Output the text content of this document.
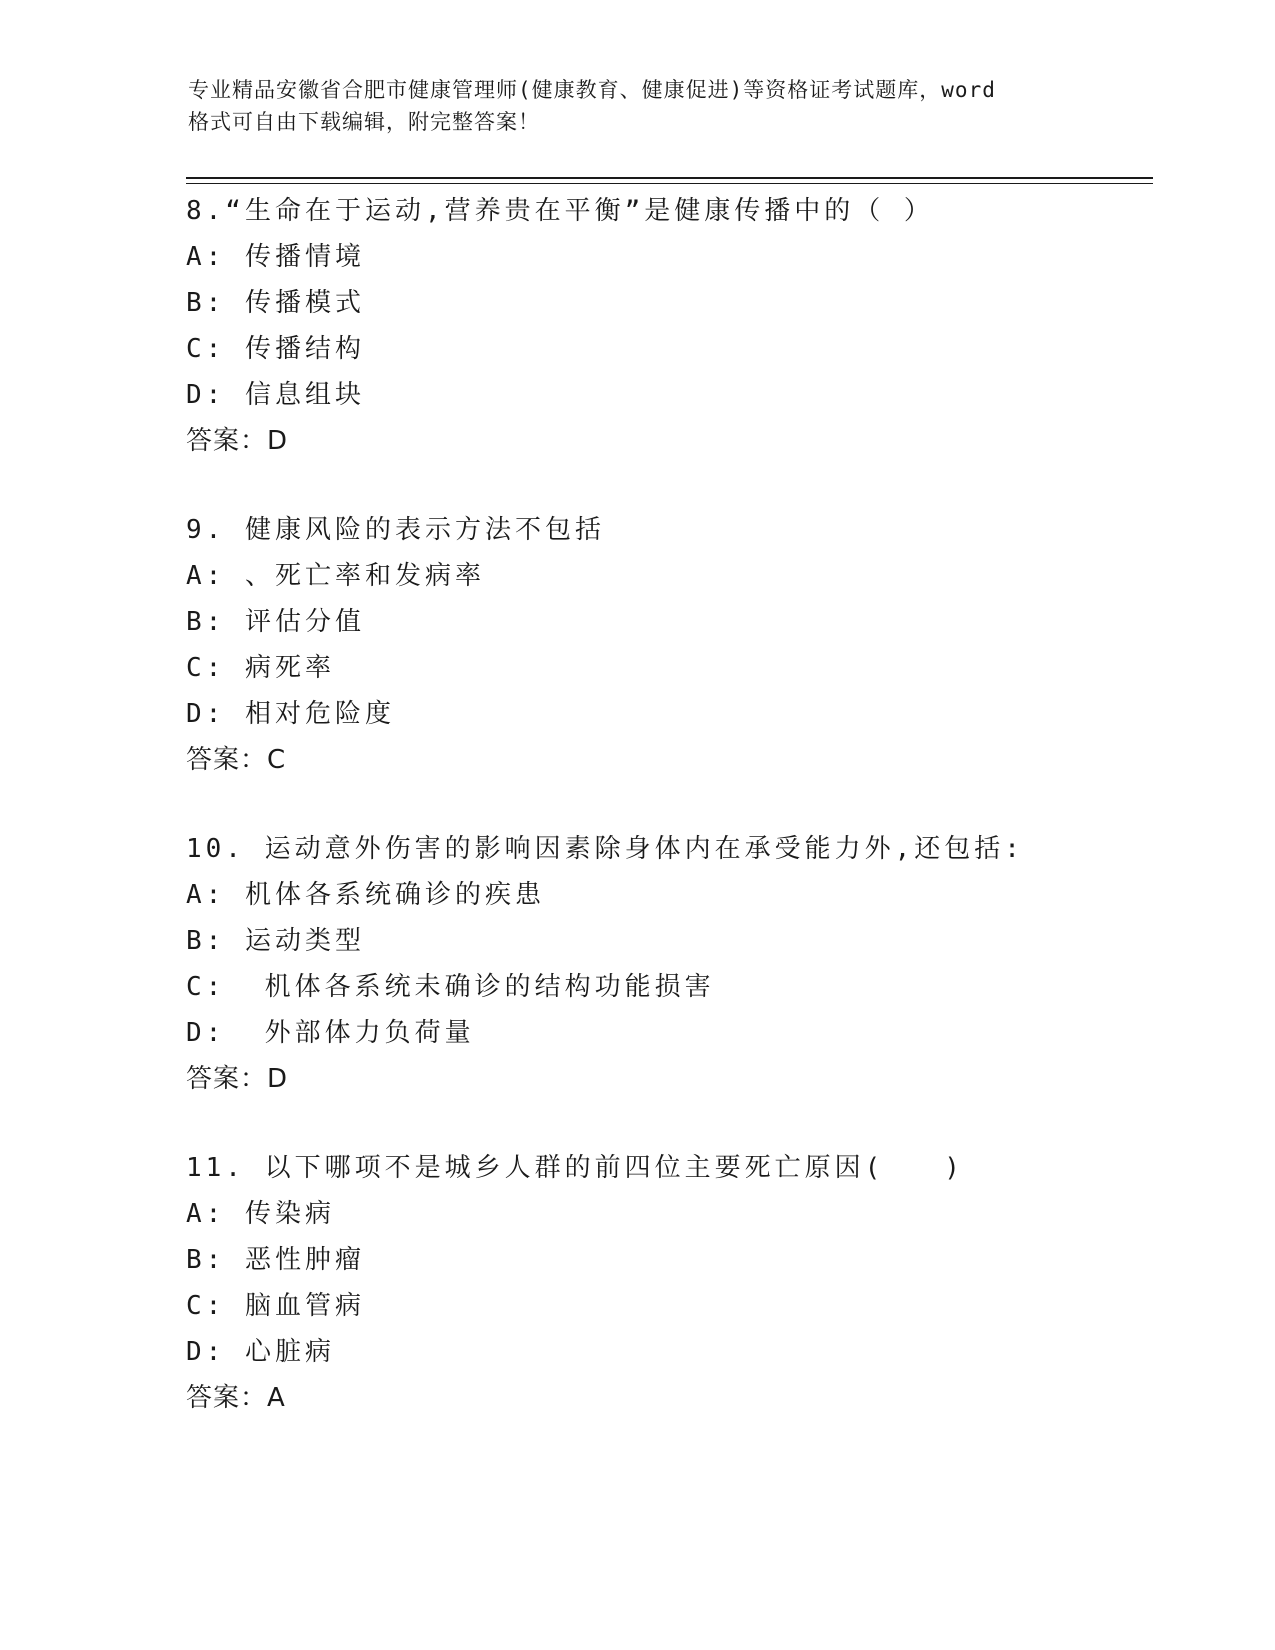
专业精品安徽省合肥市健康管理师(健康教育、健康促进)等资格证考试题库，word
格式可自由下载编辑，附完整答案！
8.“生命在于运动,营养贵在平衡”是健康传播中的（ ）
A: 传播情境
B: 传播模式
C: 传播结构
D: 信息组块
答案：D
9. 健康风险的表示方法不包括
A: 、死亡率和发病率
B: 评估分值
C: 病死率
D: 相对危险度
答案：C
10. 运动意外伤害的影响因素除身体内在承受能力外,还包括:
A: 机体各系统确诊的疾患
B: 运动类型
C:  机体各系统未确诊的结构功能损害
D:  外部体力负荷量
答案：D
11. 以下哪项不是城乡人群的前四位主要死亡原因(　　)
A: 传染病
B: 恶性肿瘤
C: 脑血管病
D: 心脏病
答案：A
